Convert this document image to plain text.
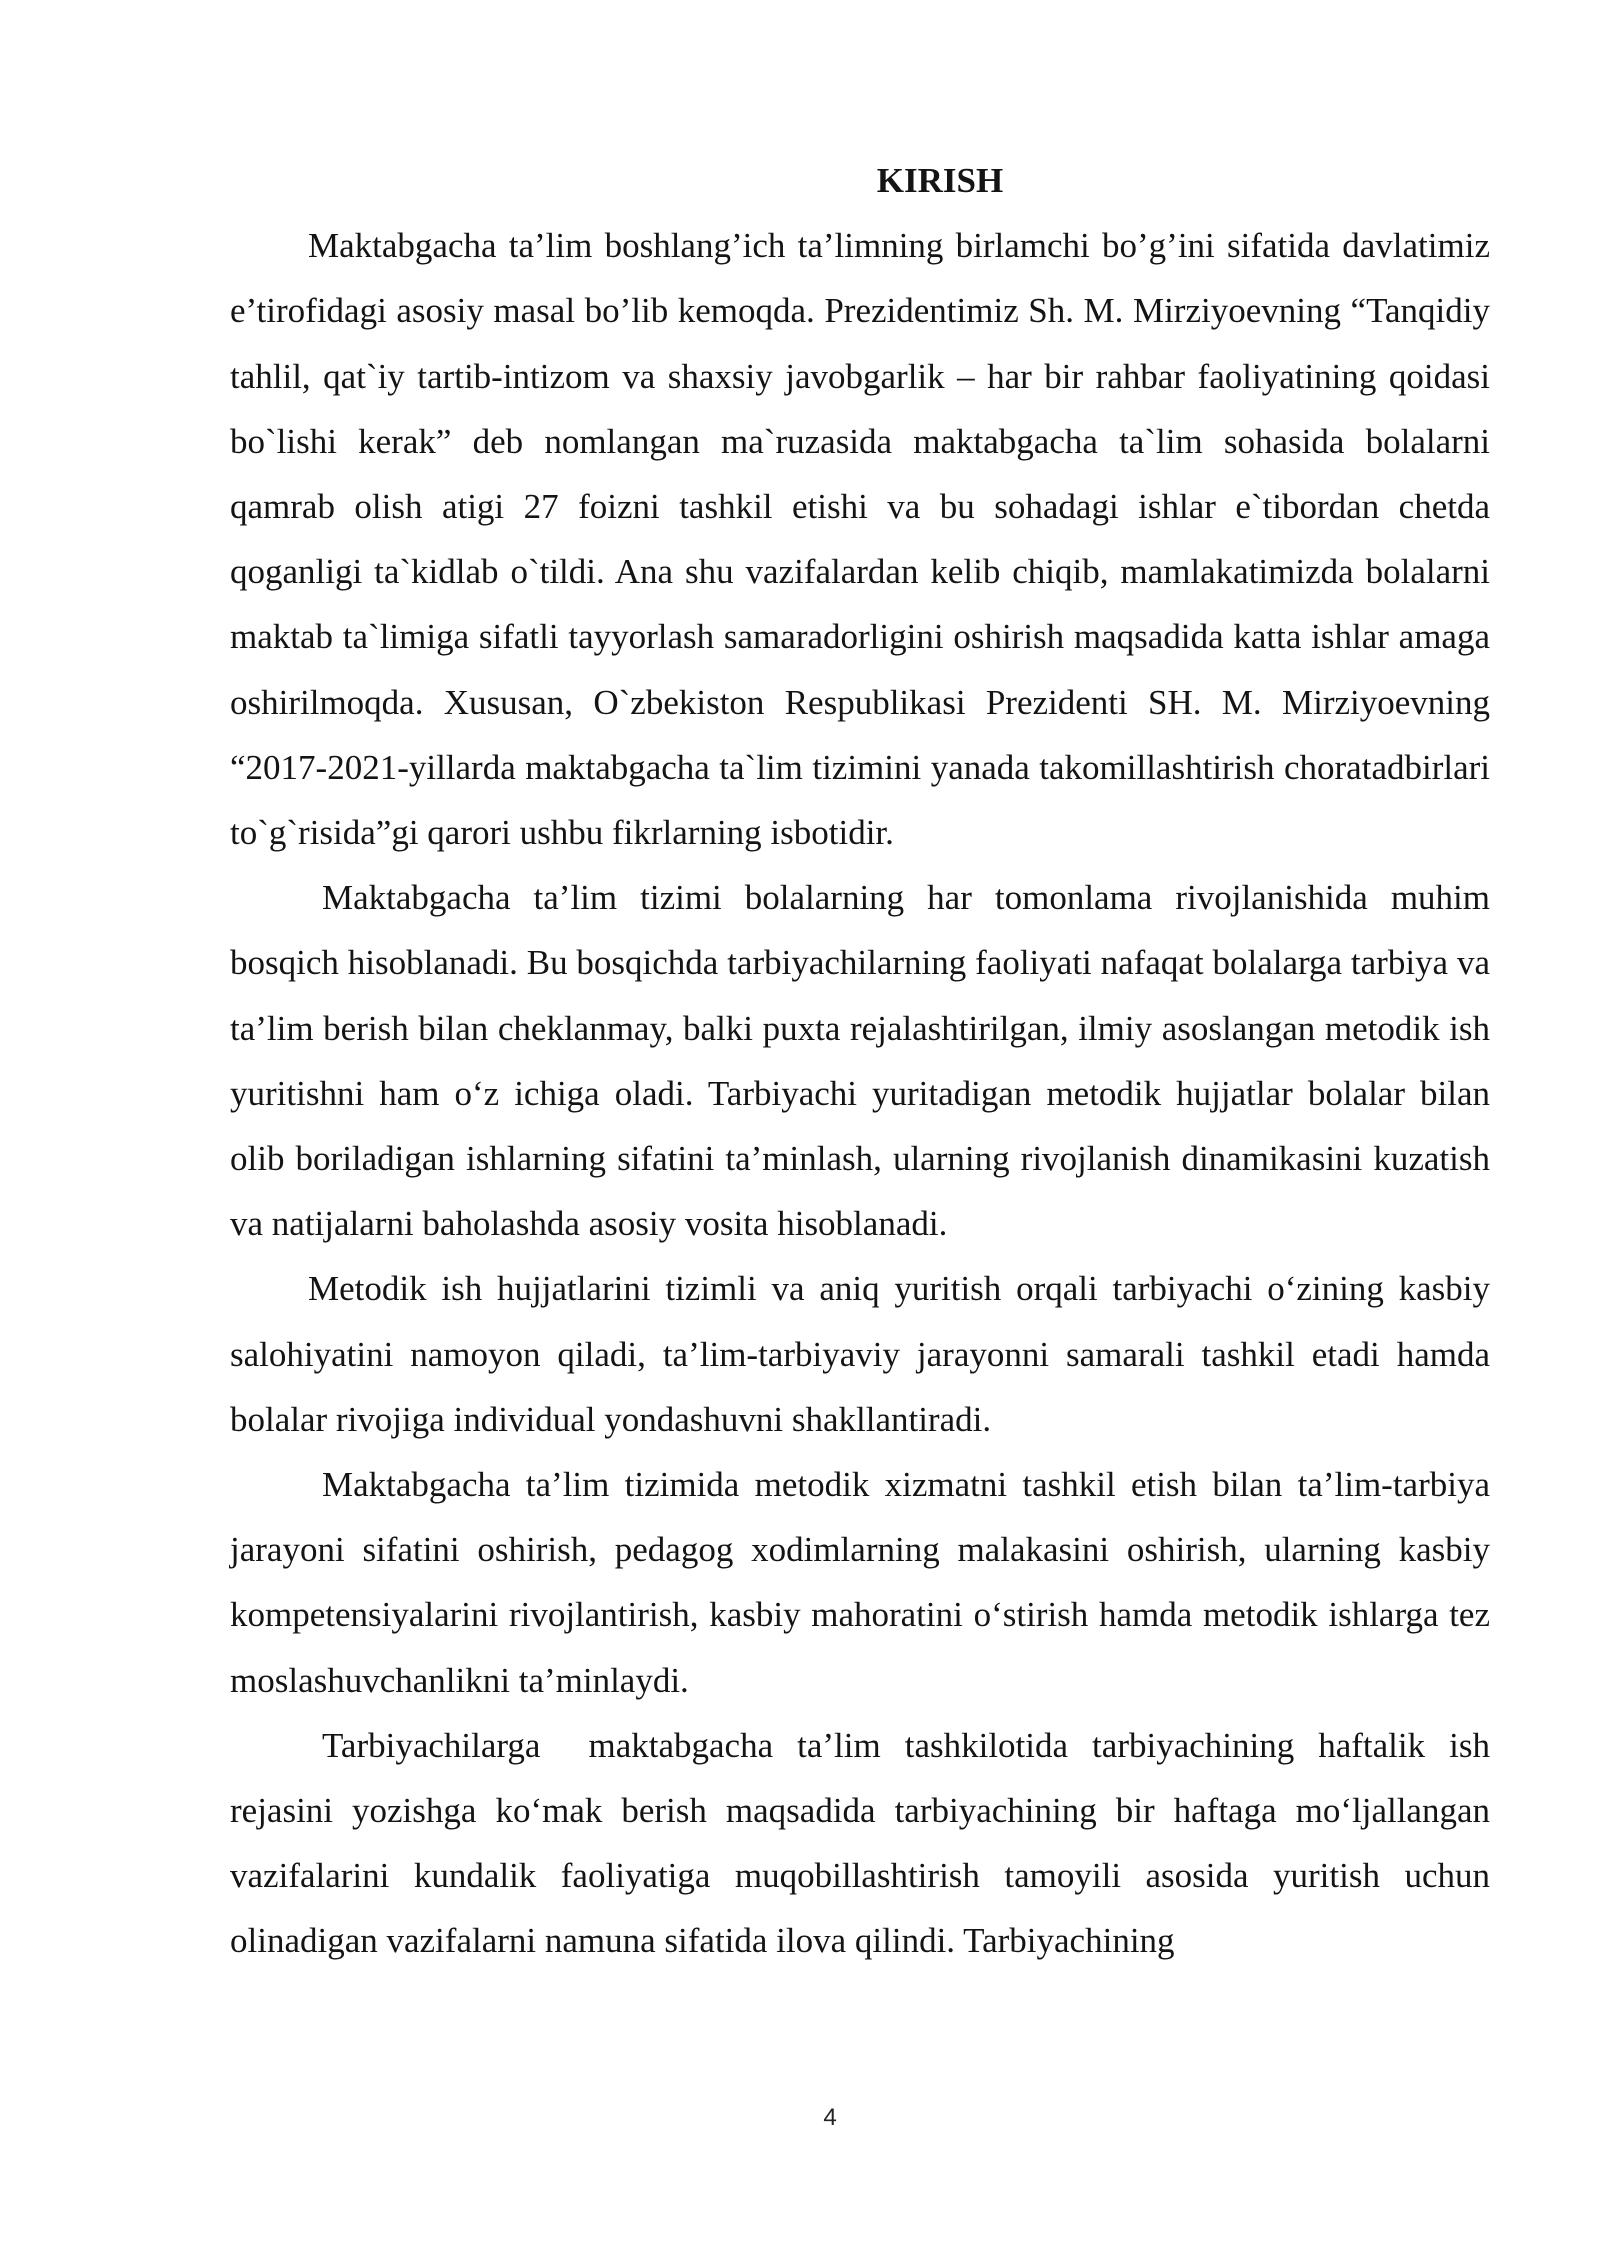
KIRISH

Maktabgacha ta’lim boshlang’ich ta’limning birlamchi bo’g’ini sifatida davlatimiz e’tirofidagi asosiy masal bo’lib kemoqda. Prezidentimiz Sh. M. Mirziyoevning “Tanqidiy tahlil, qat`iy tartib-intizom va shaxsiy javobgarlik – har bir rahbar faoliyatining qoidasi bo`lishi kerak” deb nomlangan ma`ruzasida maktabgacha ta`lim sohasida bolalarni qamrab olish atigi 27 foizni tashkil etishi va bu sohadagi ishlar e`tibordan chetda qoganligi ta`kidlab o`tildi. Ana shu vazifalardan kelib chiqib, mamlakatimizda bolalarni maktab ta`limiga sifatli tayyorlash samaradorligini oshirish maqsadida katta ishlar amaga oshirilmoqda. Xususan, O`zbekiston Respublikasi Prezidenti SH. M. Mirziyoevning “2017-2021-yillarda maktabgacha ta`lim tizimini yanada takomillashtirish choratadbirlari to`g`risida”gi qarori ushbu fikrlarning isbotidir.

Maktabgacha ta’lim tizimi bolalarning har tomonlama rivojlanishida muhim bosqich hisoblanadi. Bu bosqichda tarbiyachilarning faoliyati nafaqat bolalarga tarbiya va ta’lim berish bilan cheklanmay, balki puxta rejalashtirilgan, ilmiy asoslangan metodik ish yuritishni ham o‘z ichiga oladi. Tarbiyachi yuritadigan metodik hujjatlar bolalar bilan olib boriladigan ishlarning sifatini ta’minlash, ularning rivojlanish dinamikasini kuzatish va natijalarni baholashda asosiy vosita hisoblanadi.

Metodik ish hujjatlarini tizimli va aniq yuritish orqali tarbiyachi o‘zining kasbiy salohiyatini namoyon qiladi, ta’lim-tarbiyaviy jarayonni samarali tashkil etadi hamda bolalar rivojiga individual yondashuvni shakllantiradi.

Maktabgacha ta’lim tizimida metodik xizmatni tashkil etish bilan ta’lim-tarbiya jarayoni sifatini oshirish, pedagog xodimlarning malakasini oshirish, ularning kasbiy kompetensiyalarini rivojlantirish, kasbiy mahoratini o‘stirish hamda metodik ishlarga tez moslashuvchanlikni ta’minlaydi.

Tarbiyachilarga  maktabgacha ta’lim tashkilotida tarbiyachining haftalik ish rejasini yozishga ko‘mak berish maqsadida tarbiyachining bir haftaga mo‘ljallangan vazifalarini kundalik faoliyatiga muqobillashtirish tamoyili asosida yuritish uchun olinadigan vazifalarni namuna sifatida ilova qilindi. Tarbiyachining

4
